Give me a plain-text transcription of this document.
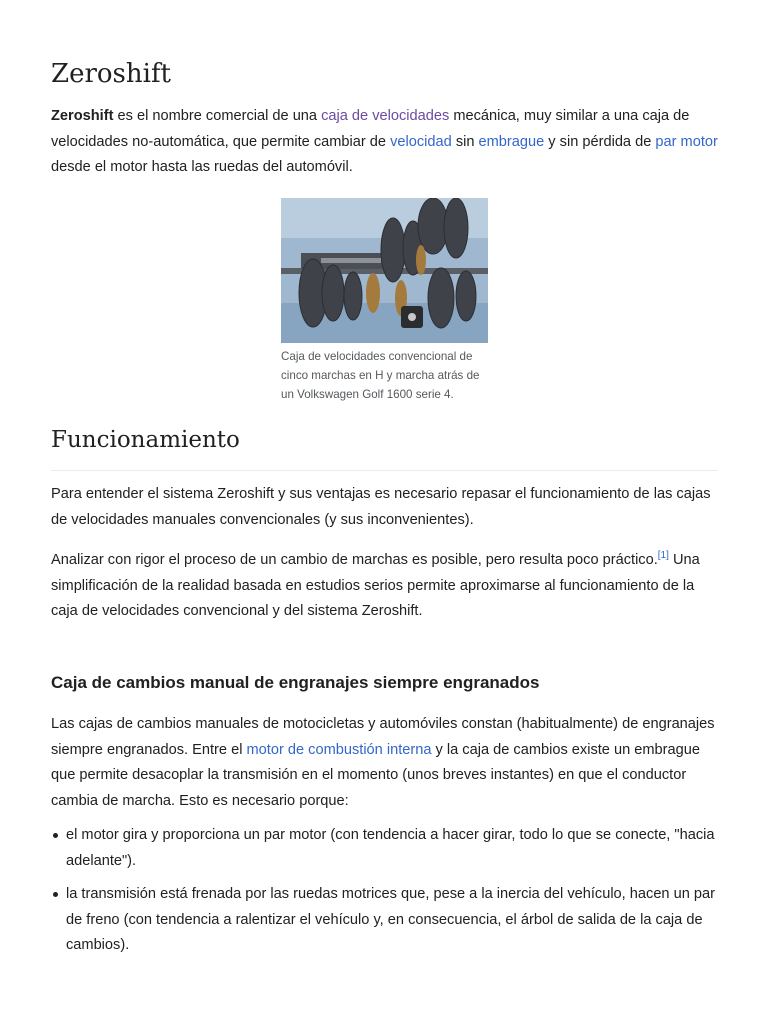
Zeroshift

Zeroshift es el nombre comercial de una caja de velocidades mecánica, muy similar a una caja de velocidades no-automática, que permite cambiar de velocidad sin embrague y sin pérdida de par motor desde el motor hasta las ruedas del automóvil.

Caja de velocidades convencional de cinco marchas en H y marcha atrás de un Volkswagen Golf 1600 serie 4.
Funcionamiento

Para entender el sistema Zeroshift y sus ventajas es necesario repasar el funcionamiento de las cajas de velocidades manuales convencionales (y sus inconvenientes).

Analizar con rigor el proceso de un cambio de marchas es posible, pero resulta poco práctico.[1] Una simplificación de la realidad basada en estudios serios permite aproximarse al funcionamiento de la caja de velocidades convencional y del sistema Zeroshift.

Caja de cambios manual de engranajes siempre engranados

Las cajas de cambios manuales de motocicletas y automóviles constan (habitualmente) de engranajes siempre engranados. Entre el motor de combustión interna y la caja de cambios existe un embrague que permite desacoplar la transmisión en el momento (unos breves instantes) en que el conductor cambia de marcha. Esto es necesario porque:

el motor gira y proporciona un par motor (con tendencia a hacer girar, todo lo que se conecte, "hacia adelante").
la transmisión está frenada por las ruedas motrices que, pese a la inercia del vehículo, hacen un par de freno (con tendencia a ralentizar el vehículo y, en consecuencia, el árbol de salida de la caja de cambios).
